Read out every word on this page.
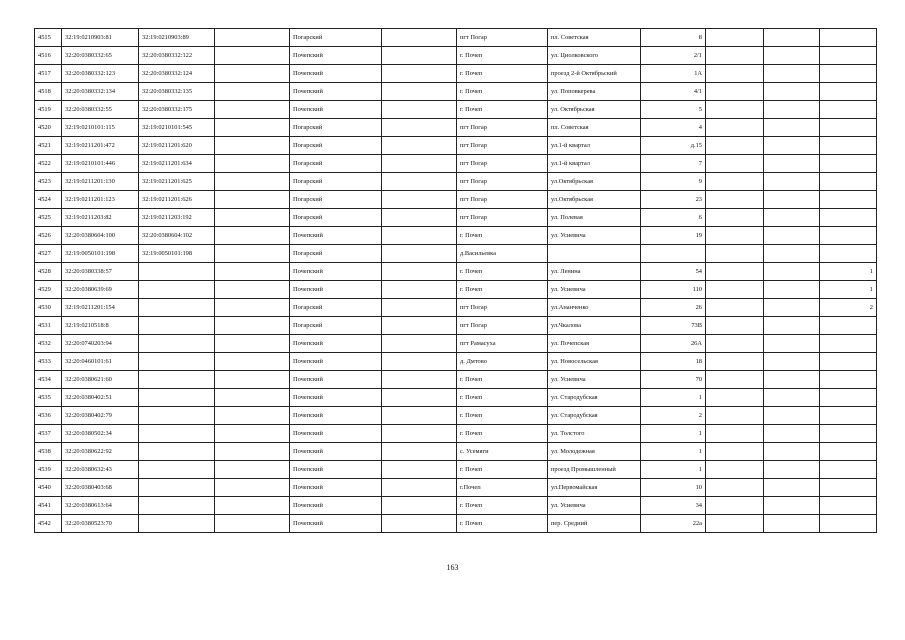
4515	32:19:0210903:81	32:19:0210903:89		Погарский		пгт Погар	пл. Советская	8			
4516	32:20:0380332:65	32:20:0380332:122		Почепский		г. Почеп	ул. Циолковского	2/1			
4517	32:20:0380332:123	32:20:0380332:124		Почепский		г. Почеп	проезд 2-й Октябрьский	1А			
4518	32:20:0380332:134	32:20:0380332:135		Почепский		г. Почеп	ул. Поповкерева	4/1			
4519	32:20:0380332:55	32:20:0380332:175		Почепский		г. Почеп	ул. Октябрьская	5			
4520	32:19:0210101:115	32:19:0210101:545		Погарский		пгт Погар	пл. Советская	4			
4521	32:19:0211201:472	32:19:0211201:620		Погарский		пгт Погар	ул.1-й квартал	д.15			
4522	32:19:0210101:446	32:19:0211201:634		Погарский		пгт Погар	ул.1-й квартал	7			
4523	32:19:0211201:130	32:19:0211201:625		Погарский		пгт Погар	ул.Октябрьская	9			
4524	32:19:0211201:123	32:19:0211201:626		Погарский		пгт Погар	ул.Октябрьская	23			
4525	32:19:0211203:82	32:19:0211203:192		Погарский		пгт Погар	ул. Полевая	6			
4526	32:20:0380604:100	32:20:0380604:102		Почепский		г. Почеп	ул. Усиевича	19			
4527	32:19:0050101:198	32:19:0050101:198		Погарский		д.Васильевка					
4528	32:20:0380338:57			Почепский		г. Почеп	ул. Ленина	54			1
4529	32:20:0380639:69			Почепский		г. Почеп	ул. Усиевича	110			1
4530	32:19:0211201:154			Погарский		пгт Погар	ул.Ананченко	26			2
4531	32:19:0210518:8			Погарский		пгт Погар	ул.Чкалова	73В			
4532	32:20:0740203:94			Почепский		пгт Рамасуха	ул. Почепская	26А			
4533	32:20:0460101:61			Почепский		д. Дмтово	ул. Новосельская	18			
4534	32:20:0380621:60			Почепский		г. Почеп	ул. Усиевича	70			
4535	32:20:0380402:51			Почепский		г. Почеп	ул. Стародубская	1			
4536	32:20:0380402:79			Почепский		г. Почеп	ул. Стародубская	2			
4537	32:20:0380502:34			Почепский		г. Почеп	ул. Толстого	1			
4538	32:20:0380622:92			Почепский		с. Усемяги	ул. Молодежная	1			
4539	32:20:0380632:43			Почепский		г. Почеп	проезд Промышленный	1			
4540	32:20:0380403:68			Почепский		г.Почеп	ул.Первомайская	10			
4541	32:20:0380613:64			Почепский		г. Почеп	ул. Усиевича	34			
4542	32:20:0380523:70			Почепский		г. Почеп	пер. Средний	22а			
163
